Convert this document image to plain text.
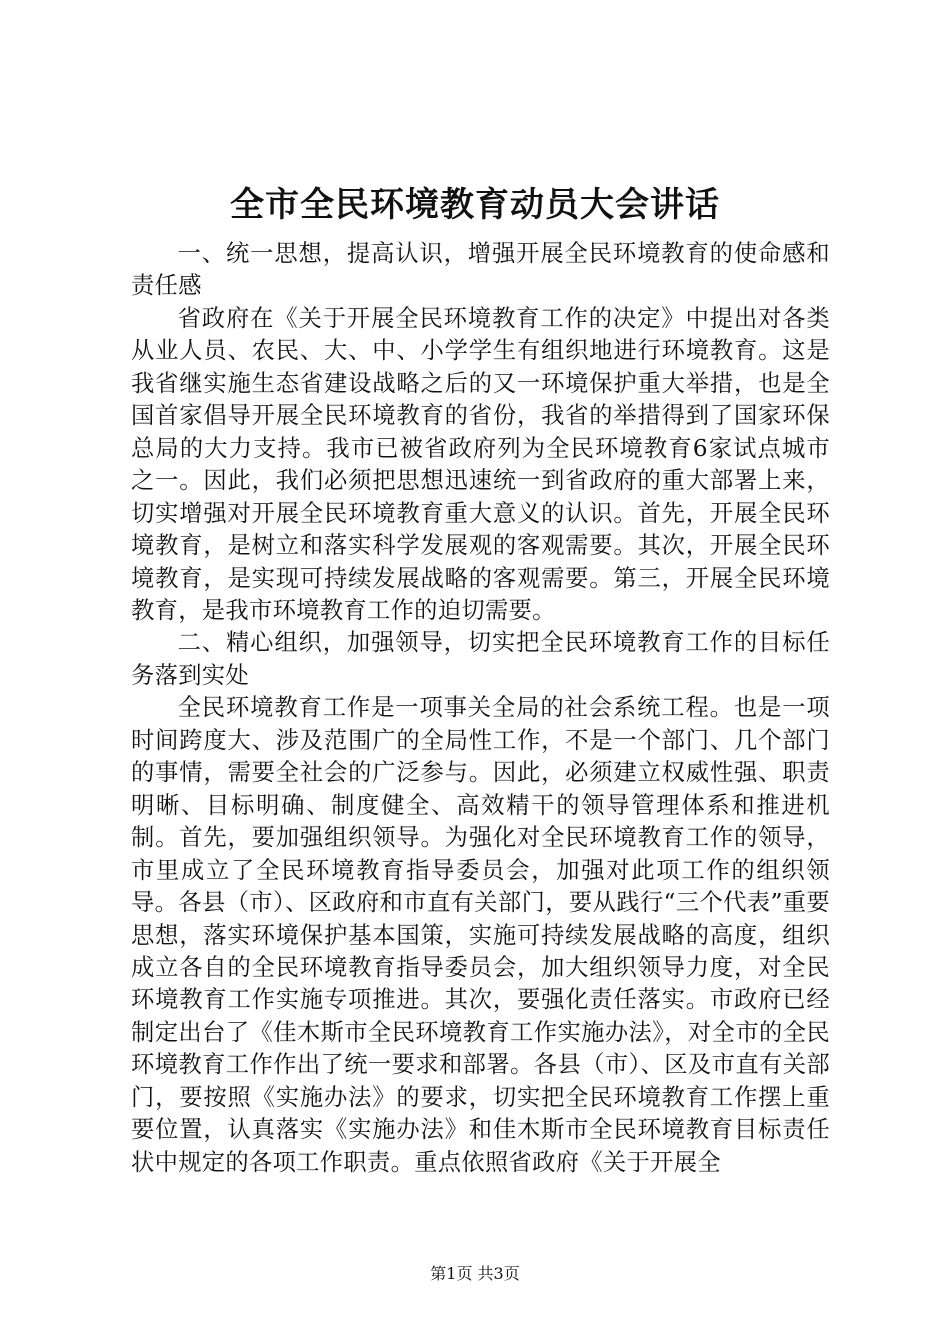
全市全民环境教育动员大会讲话

一、统一思想，提高认识，增强开展全民环境教育的使命感和责任感

省政府在《关于开展全民环境教育工作的决定》中提出对各类从业人员、农民、大、中、小学学生有组织地进行环境教育。这是我省继实施生态省建设战略之后的又一环境保护重大举措，也是全国首家倡导开展全民环境教育的省份，我省的举措得到了国家环保总局的大力支持。我市已被省政府列为全民环境教育6家试点城市之一。因此，我们必须把思想迅速统一到省政府的重大部署上来，切实增强对开展全民环境教育重大意义的认识。首先，开展全民环境教育，是树立和落实科学发展观的客观需要。其次，开展全民环境教育，是实现可持续发展战略的客观需要。第三，开展全民环境教育，是我市环境教育工作的迫切需要。

二、精心组织，加强领导，切实把全民环境教育工作的目标任务落到实处

全民环境教育工作是一项事关全局的社会系统工程。也是一项时间跨度大、涉及范围广的全局性工作，不是一个部门、几个部门的事情，需要全社会的广泛参与。因此，必须建立权威性强、职责明晰、目标明确、制度健全、高效精干的领导管理体系和推进机制。首先，要加强组织领导。为强化对全民环境教育工作的领导，市里成立了全民环境教育指导委员会，加强对此项工作的组织领导。各县（市）、区政府和市直有关部门，要从践行“三个代表”重要思想，落实环境保护基本国策，实施可持续发展战略的高度，组织成立各自的全民环境教育指导委员会，加大组织领导力度，对全民环境教育工作实施专项推进。其次，要强化责任落实。市政府已经制定出台了《佳木斯市全民环境教育工作实施办法》，对全市的全民环境教育工作作出了统一要求和部署。各县（市）、区及市直有关部门，要按照《实施办法》的要求，切实把全民环境教育工作摆上重要位置，认真落实《实施办法》和佳木斯市全民环境教育目标责任状中规定的各项工作职责。重点依照省政府《关于开展全

第1页 共3页
